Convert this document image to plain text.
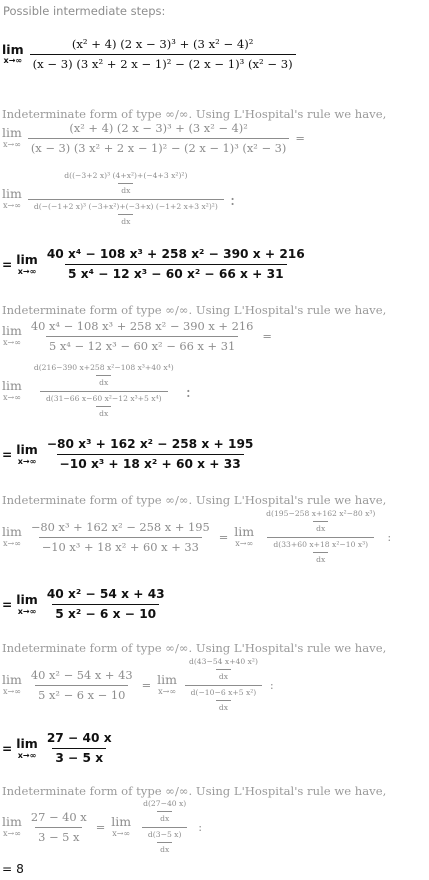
Possible intermediate steps:
lim
$x\to\infty \frac{\text{(x² + 4) (2 x − 3)³ + (3 x² − 4)²}}{\text{(x − 3) (3 x² + 2 x − 1)² − (2 x − 1)³ (x² − 3)}}$
Indeterminate form of type ∞/∞. Using L'Hospital's rule we have,
lim
$x\to\infty \frac{\text{(x² + 4) (2 x − 3)³ + (3 x² − 4)²}}{\text{(x − 3) (3 x² + 2 x − 1)² − (2 x − 1)³ (x² − 3)}}$ =
lim
$x\to\infty \frac{\frac{\text{d((−3+2 x)³ (4+x²)+(−4+3 x²)²)}}{dx}}{\frac{\text{d(−(−1+2 x)³ (−3+x²)+(−3+x) (−1+2 x+3 x²)²)}}{dx}}$ :
= lim
$x\to\infty \frac{\text{40 x⁴ − 108 x³ + 258 x² − 390 x + 216}}{\text{5 x⁴ − 12 x³ − 60 x² − 66 x + 31}}$
Indeterminate form of type ∞/∞. Using L'Hospital's rule we have,
lim
$x\to\infty \frac{\text{40 x⁴ − 108 x³ + 258 x² − 390 x + 216}}{\text{5 x⁴ − 12 x³ − 60 x² − 66 x + 31}}$ =
lim
$x\to\infty \frac{\frac{\text{d(216−390 x+258 x²−108 x³+40 x⁴)}}{dx}}{\frac{\text{d(31−66 x−60 x²−12 x³+5 x⁴)}}{dx}}$ :
= lim
$x\to\infty \frac{\text{−80 x³ + 162 x² − 258 x + 195}}{\text{−10 x³ + 18 x² + 60 x + 33}}$
Indeterminate form of type ∞/∞. Using L'Hospital's rule we have,
lim
$x\to\infty \frac{\text{−80 x³ + 162 x² − 258 x + 195}}{\text{−10 x³ + 18 x² + 60 x + 33}} = \lim$
$x\to\infty \frac{\frac{\text{d(195−258 x+162 x²−80 x³)}}{dx}}{\frac{\text{d(33+60 x+18 x²−10 x³)}}{dx}}$ :
= lim
$x\to\infty \frac{\text{40 x² − 54 x + 43}}{\text{5 x² − 6 x − 10}}$
Indeterminate form of type ∞/∞. Using L'Hospital's rule we have,
lim
$x\to\infty \frac{\text{40 x² − 54 x + 43}}{\text{5 x² − 6 x − 10}} = \lim$
$x\to\infty \frac{\frac{\text{d(43−54 x+40 x²)}}{dx}}{\frac{\text{d(−10−6 x+5 x²)}}{dx}}$ :
= lim
$x\to\infty \frac{27 - 40 x}{3 - 5 x}$
Indeterminate form of type ∞/∞. Using L'Hospital's rule we have,
lim
$x\to\infty \frac{27 - 40 x}{3 - 5 x} = \lim$
$x\to\infty \frac{\frac{d(27-40 x)}{dx}}{\frac{d(3-5 x)}{dx}}$ :
= 8
